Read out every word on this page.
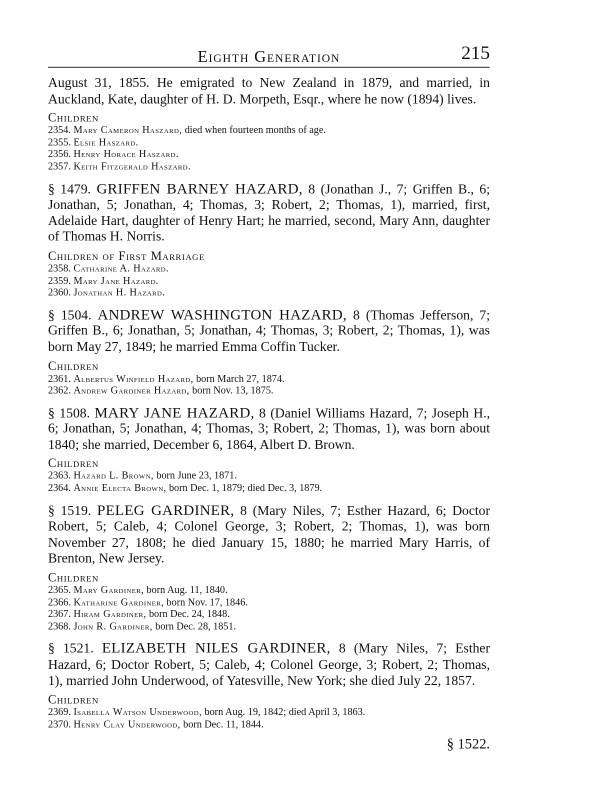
Eighth Generation	215

August 31, 1855. He emigrated to New Zealand in 1879, and married, in Auckland, Kate, daughter of H. D. Morpeth, Esqr., where he now (1894) lives.

Children
2354. Mary Cameron Haszard, died when fourteen months of age.
2355. Elsie Haszard.
2356. Henry Horace Haszard.
2357. Keith Fitzgerald Haszard.

§ 1479. GRIFFEN BARNEY HAZARD, 8 (Jonathan J., 7; Griffen B., 6; Jonathan, 5; Jonathan, 4; Thomas, 3; Robert, 2; Thomas, 1), married, first, Adelaide Hart, daughter of Henry Hart; he married, second, Mary Ann, daughter of Thomas H. Norris.

Children of First Marriage
2358. Catharine A. Hazard.
2359. Mary Jane Hazard.
2360. Jonathan H. Hazard.

§ 1504. ANDREW WASHINGTON HAZARD, 8 (Thomas Jefferson, 7; Griffen B., 6; Jonathan, 5; Jonathan, 4; Thomas, 3; Robert, 2; Thomas, 1), was born May 27, 1849; he married Emma Coffin Tucker.

Children
2361. Albertus Winfield Hazard, born March 27, 1874.
2362. Andrew Gardiner Hazard, born Nov. 13, 1875.

§ 1508. MARY JANE HAZARD, 8 (Daniel Williams Hazard, 7; Joseph H., 6; Jonathan, 5; Jonathan, 4; Thomas, 3; Robert, 2; Thomas, 1), was born about 1840; she married, December 6, 1864, Albert D. Brown.

Children
2363. Hazard L. Brown, born June 23, 1871.
2364. Annie Electa Brown, born Dec. 1, 1879; died Dec. 3, 1879.

§ 1519. PELEG GARDINER, 8 (Mary Niles, 7; Esther Hazard, 6; Doctor Robert, 5; Caleb, 4; Colonel George, 3; Robert, 2; Thomas, 1), was born November 27, 1808; he died January 15, 1880; he married Mary Harris, of Brenton, New Jersey.

Children
2365. Mary Gardiner, born Aug. 11, 1840.
2366. Katharine Gardiner, born Nov. 17, 1846.
2367. Hiram Gardiner, born Dec. 24, 1848.
2368. John R. Gardiner, born Dec. 28, 1851.

§ 1521. ELIZABETH NILES GARDINER, 8 (Mary Niles, 7; Esther Hazard, 6; Doctor Robert, 5; Caleb, 4; Colonel George, 3; Robert, 2; Thomas, 1), married John Underwood, of Yatesville, New York; she died July 22, 1857.

Children
2369. Isabella Watson Underwood, born Aug. 19, 1842; died April 3, 1863.
2370. Henry Clay Underwood, born Dec. 11, 1844.
§ 1522.
